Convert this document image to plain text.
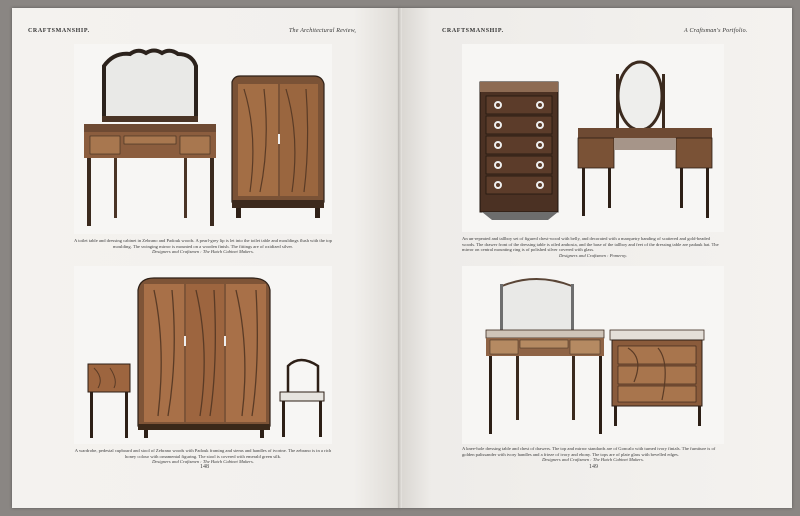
CRAFTSMANSHIP.	The Architectural Review,	CRAFTSMANSHIP.	A Craftsman's Portfolio.
A toilet table and dressing cabinet in Zebrano and Padouk woods. A pearl-grey lip is let into the toilet table and mouldings flush with the top moulding. The swinging mirror is mounted on a wooden finish. The fittings are of oxidized silver.
Designers and Craftsmen : The Hatch Cabinet Makers.
A wardrobe, pedestal cupboard and stool of Zebrano woods with Padouk framing and stems and handles of ivorine. The zebrano is in a rich honey colour with ornamental figuring. The stool is covered with emerald green silk.
Designers and Craftsmen : The Hatch Cabinet Makers.
148
An un-repeated and tallboy set of figured chest-wood with belly, and decorated with a marquetry banding of scattered and gold-beaded woods. The drawer front of the dressing table is oiled ambosia, and the base of the tallboy and feet of the dressing table are padauk hat. The mirror on central mounting ring is of polished silver covered with glass.
Designers and Craftsmen : Pomeroy.
A knee-hole dressing table and chest of drawers. The top and mirror standards are of Goncalo with turned ivory finials. The furniture is of golden palissander with ivory handles and a frieze of ivory and ebony. The tops are of plate glass with bevelled edges.
Designers and Craftsmen : The Hatch Cabinet Makers.
149
